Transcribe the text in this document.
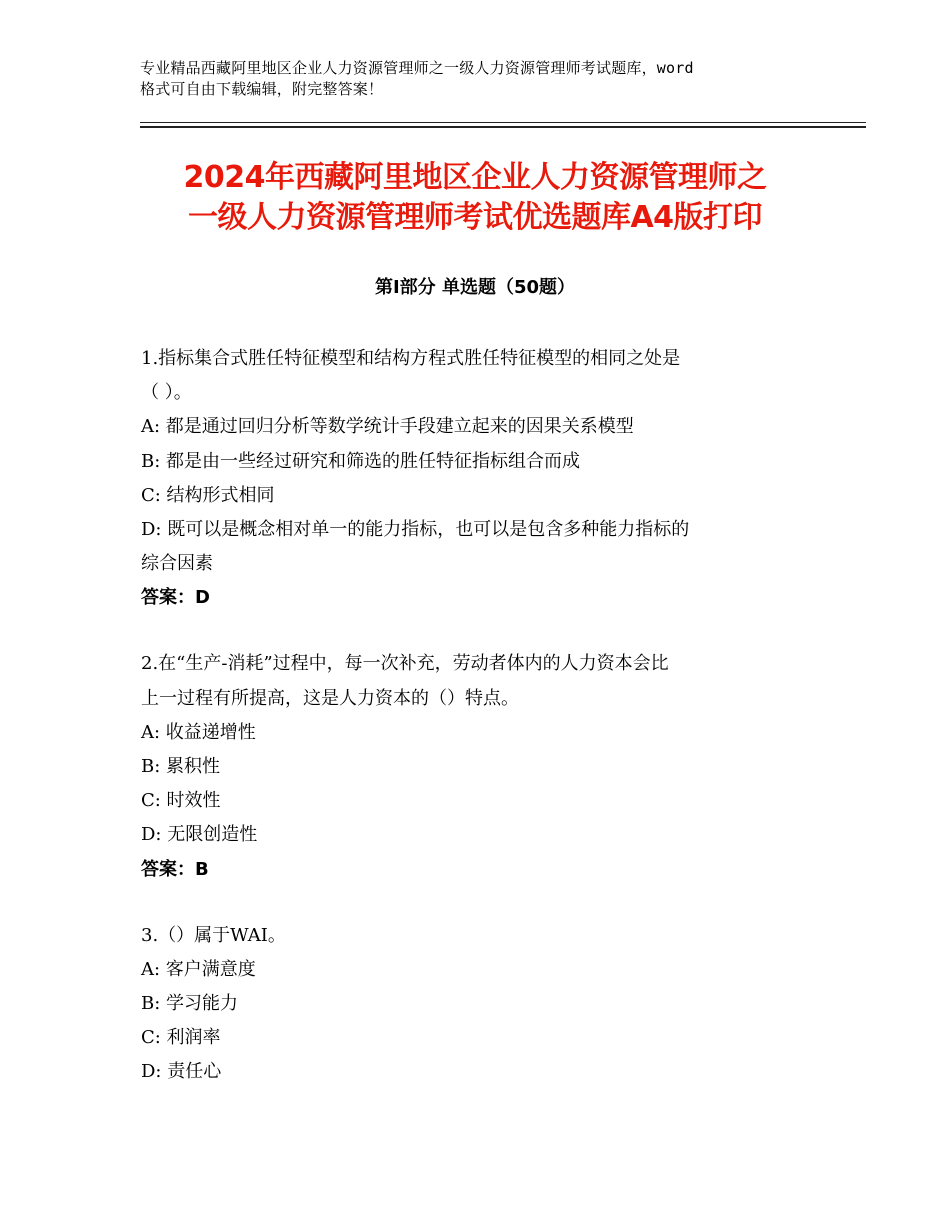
专业精品西藏阿里地区企业人力资源管理师之一级人力资源管理师考试题库，word
格式可自由下载编辑，附完整答案！
2024年西藏阿里地区企业人力资源管理师之
一级人力资源管理师考试优选题库A4版打印
第Ⅰ部分 单选题（50题）
1.指标集合式胜任特征模型和结构方程式胜任特征模型的相同之处是
（ ）。
A: 都是通过回归分析等数学统计手段建立起来的因果关系模型
B: 都是由一些经过研究和筛选的胜任特征指标组合而成
C: 结构形式相同
D: 既可以是概念相对单一的能力指标，也可以是包含多种能力指标的
综合因素
答案：D
2.在“生产-消耗”过程中，每一次补充，劳动者体内的人力资本会比
上一过程有所提高，这是人力资本的（）特点。
A: 收益递增性
B: 累积性
C: 时效性
D: 无限创造性
答案：B
3.（）属于WAI。
A: 客户满意度
B: 学习能力
C: 利润率
D: 责任心
